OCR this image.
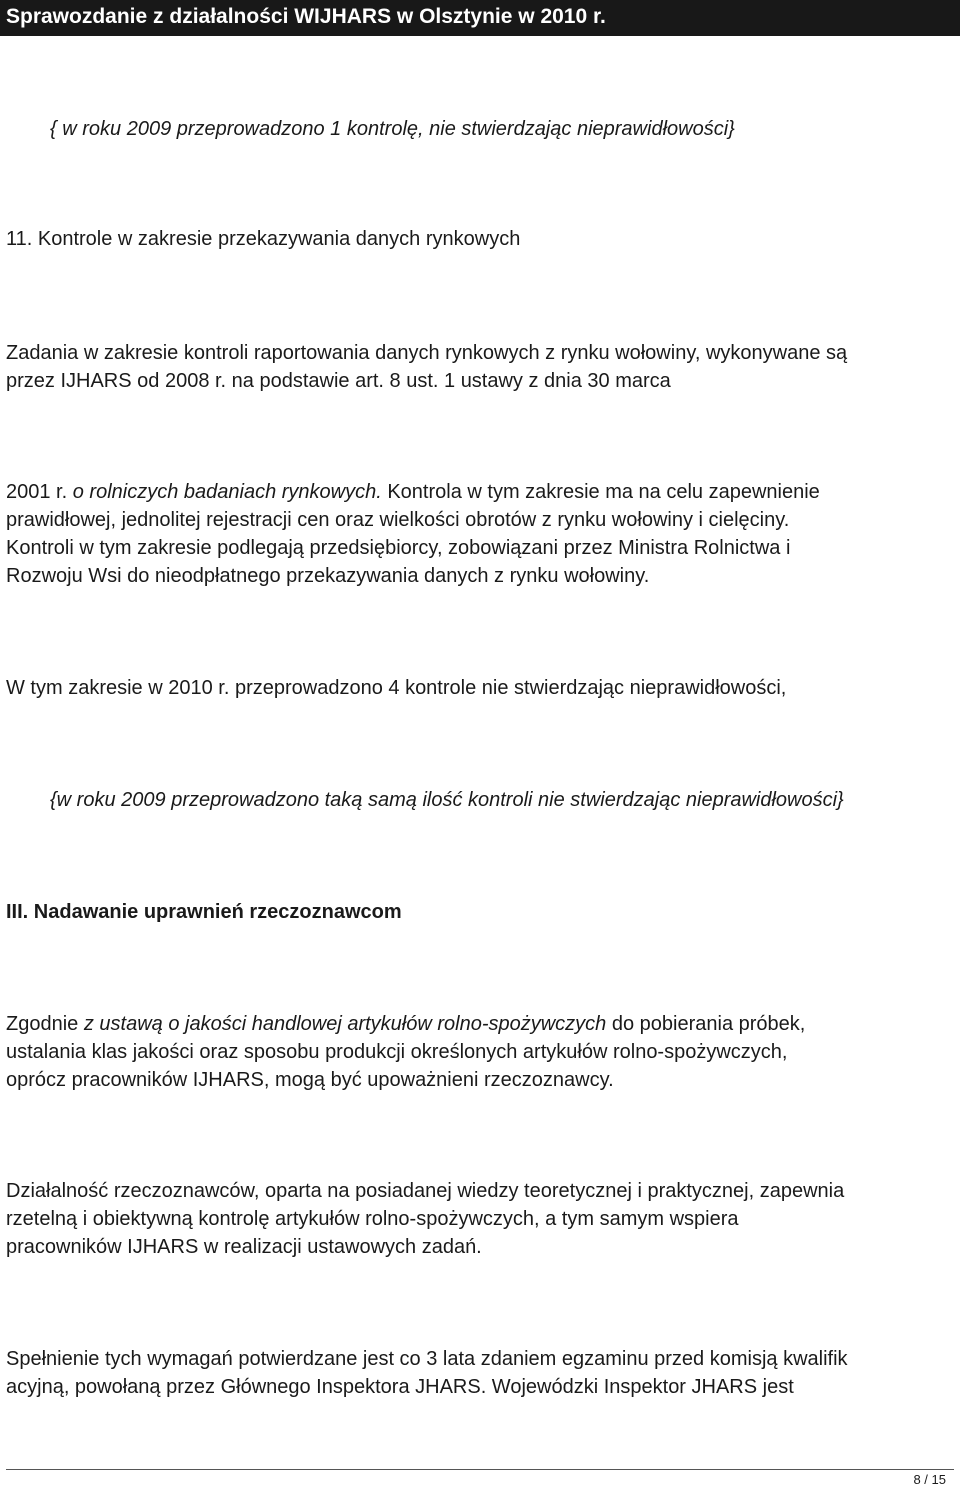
Sprawozdanie z działalności WIJHARS w Olsztynie w 2010 r.
{ w roku 2009 przeprowadzono 1 kontrolę, nie stwierdzając nieprawidłowości}
11. Kontrole w zakresie przekazywania danych rynkowych
Zadania w zakresie kontroli raportowania danych rynkowych z rynku wołowiny, wykonywane są
przez IJHARS od 2008 r. na podstawie art. 8 ust. 1 ustawy z dnia 30 marca
2001 r. o rolniczych badaniach rynkowych. Kontrola w tym zakresie ma na celu zapewnienie
prawidłowej, jednolitej rejestracji cen oraz wielkości obrotów z rynku wołowiny i cielęciny.
Kontroli w tym zakresie podlegają przedsiębiorcy, zobowiązani przez Ministra Rolnictwa i
Rozwoju Wsi do nieodpłatnego przekazywania danych z rynku wołowiny.
W tym zakresie w 2010 r. przeprowadzono 4 kontrole nie stwierdzając nieprawidłowości,
{w roku 2009 przeprowadzono taką samą ilość kontroli nie stwierdzając nieprawidłowości}
III. Nadawanie uprawnień rzeczoznawcom
Zgodnie z ustawą o jakości handlowej artykułów rolno-spożywczych do pobierania próbek,
ustalania klas jakości oraz sposobu produkcji określonych artykułów rolno-spożywczych,
oprócz pracowników IJHARS, mogą być upoważnieni rzeczoznawcy.
Działalność rzeczoznawców, oparta na posiadanej wiedzy teoretycznej i praktycznej, zapewnia
rzetelną i obiektywną kontrolę artykułów rolno-spożywczych, a tym samym wspiera
pracowników IJHARS w realizacji ustawowych zadań.
Spełnienie tych wymagań potwierdzane jest co 3 lata zdaniem egzaminu przed komisją kwalifik
acyjną, powołaną przez Głównego Inspektora JHARS. Wojewódzki Inspektor JHARS jest
8 / 15
